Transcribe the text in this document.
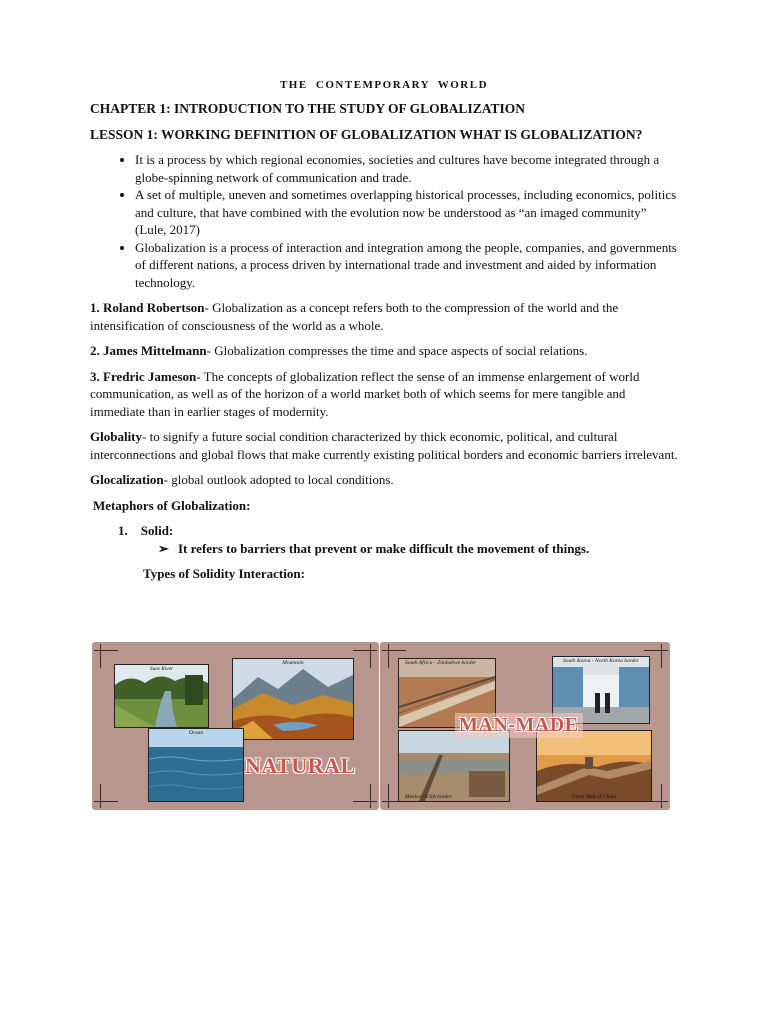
THE CONTEMPORARY WORLD
CHAPTER 1: INTRODUCTION TO THE STUDY OF GLOBALIZATION
LESSON 1: WORKING DEFINITION OF GLOBALIZATION WHAT IS GLOBALIZATION?
• It is a process by which regional economies, societies and cultures have become integrated through a globe-spinning network of communication and trade.
• A set of multiple, uneven and sometimes overlapping historical processes, including economics, politics and culture, that have combined with the evolution now be understood as “an imaged community” (Lule, 2017)
• Globalization is a process of interaction and integration among the people, companies, and governments of different nations, a process driven by international trade and investment and aided by information technology.

1. Roland Robertson- Globalization as a concept refers both to the compression of the world and the intensification of consciousness of the world as a whole.

2. James Mittelmann- Globalization compresses the time and space aspects of social relations.

3. Fredric Jameson- The concepts of globalization reflect the sense of an immense enlargement of world communication, as well as of the horizon of a world market both of which seems for mere tangible and immediate than in earlier stages of modernity.

Globality- to signify a future social condition characterized by thick economic, political, and cultural interconnections and global flows that make currently existing political borders and economic barriers irrelevant.

Glocalization- global outlook adopted to local conditions.

Metaphors of Globalization:
1. Solid:
➢ It refers to barriers that prevent or make difficult the movement of things.
Types of Solidity Interaction:
Suez River
Mountain
Ocean
NATURAL
South Africa - Zimbabwe border	South Korea - North Korea border
Mexico - USA border	Great Wall of China
MAN-MADE
